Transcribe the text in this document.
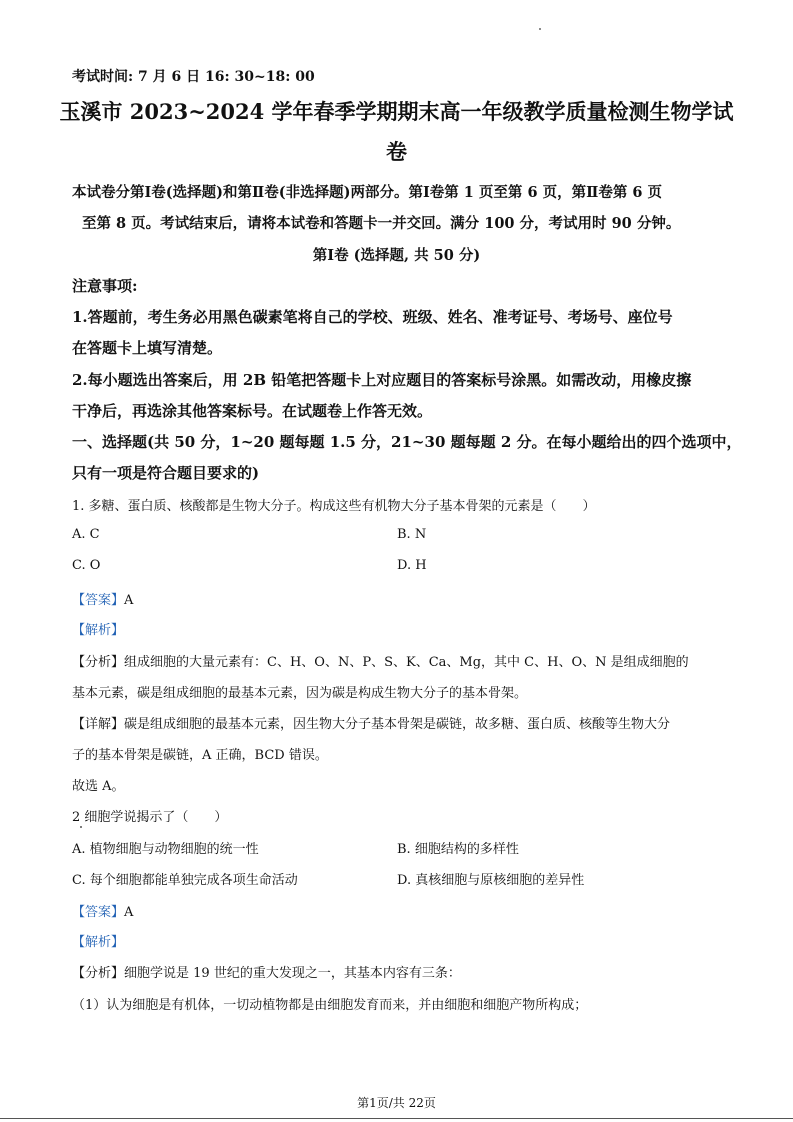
考试时间: 7 月 6 日 16: 30~18: 00
玉溪市 2023~2024 学年春季学期期末高一年级教学质量检测生物学试
卷
本试卷分第Ⅰ卷(选择题)和第Ⅱ卷(非选择题)两部分。第Ⅰ卷第 1 页至第 6 页，第Ⅱ卷第 6 页
至第 8 页。考试结束后，请将本试卷和答题卡一并交回。满分 100 分，考试用时 90 分钟。
第Ⅰ卷 (选择题, 共 50 分)
注意事项:
1.答题前，考生务必用黑色碳素笔将自己的学校、班级、姓名、准考证号、考场号、座位号
在答题卡上填写清楚。
2.每小题选出答案后，用 2B 铅笔把答题卡上对应题目的答案标号涂黑。如需改动，用橡皮擦
干净后，再选涂其他答案标号。在试题卷上作答无效。
一、选择题(共 50 分，1~20 题每题 1.5 分，21~30 题每题 2 分。在每小题给出的四个选项中，
只有一项是符合题目要求的)
1. 多糖、蛋白质、核酸都是生物大分子。构成这些有机物大分子基本骨架的元素是（　　）
A. C	B. N
C. O	D. H
【答案】A
【解析】
【分析】组成细胞的大量元素有：C、H、O、N、P、S、K、Ca、Mg，其中 C、H、O、N 是组成细胞的
基本元素，碳是组成细胞的最基本元素，因为碳是构成生物大分子的基本骨架。
【详解】碳是组成细胞的最基本元素，因生物大分子基本骨架是碳链，故多糖、蛋白质、核酸等生物大分
子的基本骨架是碳链，A 正确，BCD 错误。
故选 A。
2 细胞学说揭示了（　　）
A. 植物细胞与动物细胞的统一性	B. 细胞结构的多样性
C. 每个细胞都能单独完成各项生命活动	D. 真核细胞与原核细胞的差异性
【答案】A
【解析】
【分析】细胞学说是 19 世纪的重大发现之一，其基本内容有三条：
（1）认为细胞是有机体，一切动植物都是由细胞发育而来，并由细胞和细胞产物所构成；
第1页/共 22页
